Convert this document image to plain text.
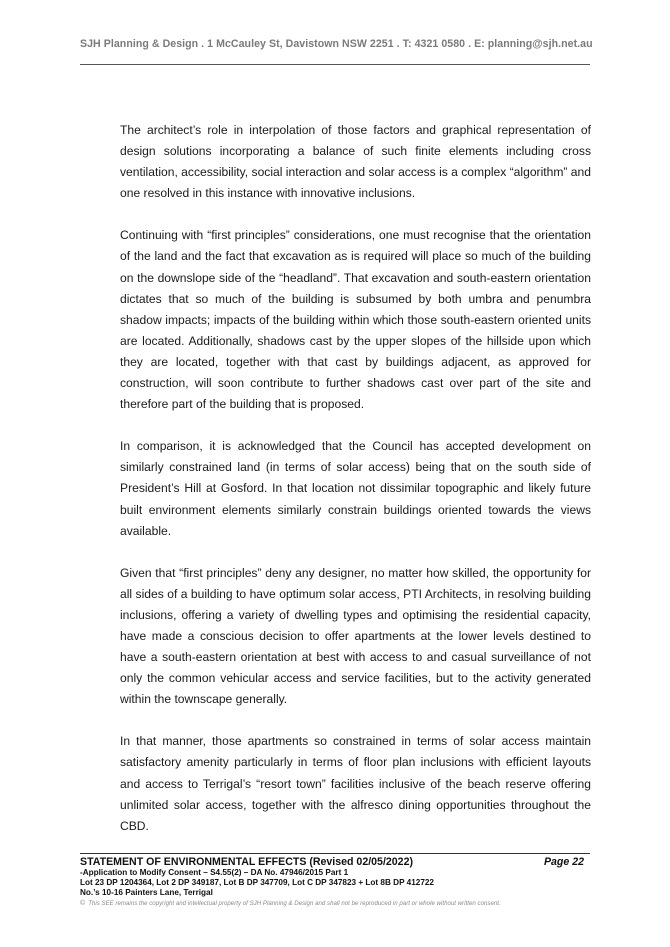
SJH Planning & Design . 1 McCauley St, Davistown NSW 2251 . T: 4321 0580 . E: planning@sjh.net.au

The architect’s role in interpolation of those factors and graphical representation of design solutions incorporating a balance of such finite elements including cross ventilation, accessibility, social interaction and solar access is a complex “algorithm” and one resolved in this instance with innovative inclusions.

Continuing with “first principles” considerations, one must recognise that the orientation of the land and the fact that excavation as is required will place so much of the building on the downslope side of the “headland”. That excavation and south-eastern orientation dictates that so much of the building is subsumed by both umbra and penumbra shadow impacts; impacts of the building within which those south-eastern oriented units are located. Additionally, shadows cast by the upper slopes of the hillside upon which they are located, together with that cast by buildings adjacent, as approved for construction, will soon contribute to further shadows cast over part of the site and therefore part of the building that is proposed.

In comparison, it is acknowledged that the Council has accepted development on similarly constrained land (in terms of solar access) being that on the south side of President’s Hill at Gosford. In that location not dissimilar topographic and likely future built environment elements similarly constrain buildings oriented towards the views available.

Given that “first principles” deny any designer, no matter how skilled, the opportunity for all sides of a building to have optimum solar access, PTI Architects, in resolving building inclusions, offering a variety of dwelling types and optimising the residential capacity, have made a conscious decision to offer apartments at the lower levels destined to have a south-eastern orientation at best with access to and casual surveillance of not only the common vehicular access and service facilities, but to the activity generated within the townscape generally.

In that manner, those apartments so constrained in terms of solar access maintain satisfactory amenity particularly in terms of floor plan inclusions with efficient layouts and access to Terrigal’s “resort town” facilities inclusive of the beach reserve offering unlimited solar access, together with the alfresco dining opportunities throughout the CBD.

STATEMENT OF ENVIRONMENTAL EFFECTS (Revised 02/05/2022)	Page 22
-Application to Modify Consent – S4.55(2) – DA No. 47946/2015 Part 1
Lot 23 DP 1204364, Lot 2 DP 349187, Lot B DP 347709, Lot C DP 347823 + Lot 8B DP 412722
No.’s 10-16 Painters Lane, Terrigal
© This SEE remains the copyright and intellectual property of SJH Planning & Design and shall not be reproduced in part or whole without written consent.
